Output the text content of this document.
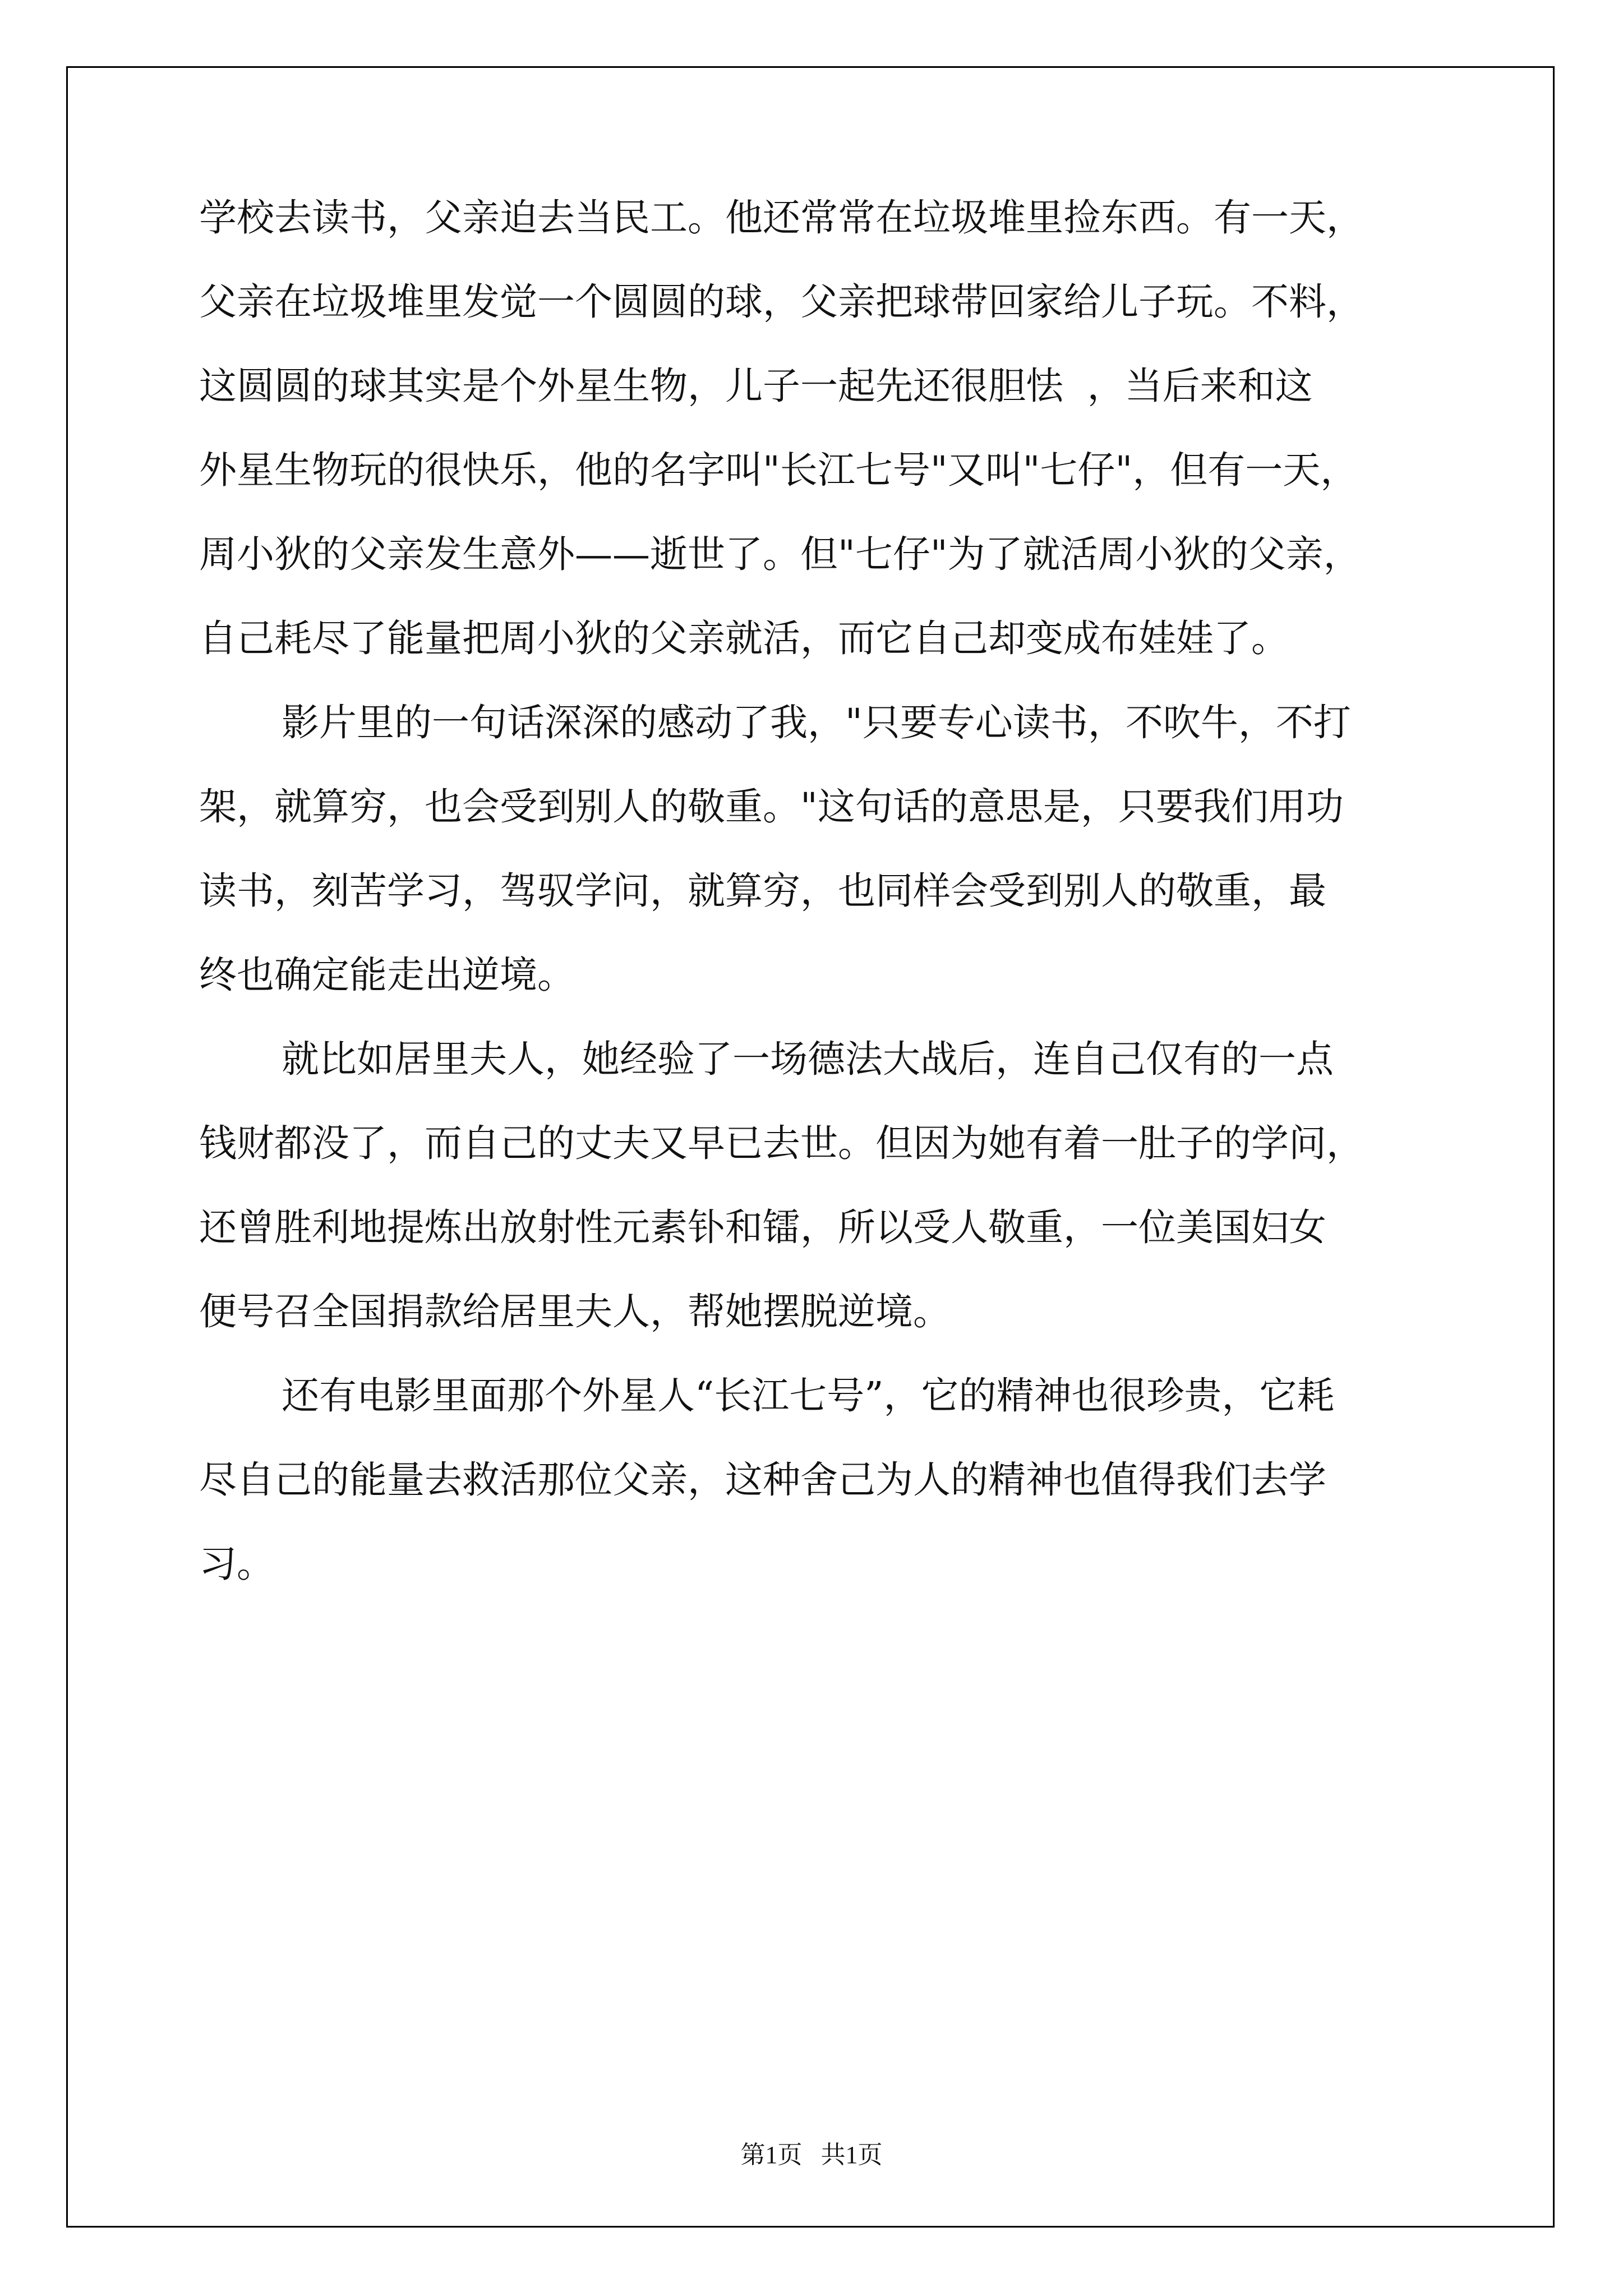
学校去读书，父亲迫去当民工。他还常常在垃圾堆里捡东西。有一天，
父亲在垃圾堆里发觉一个圆圆的球，父亲把球带回家给儿子玩。不料，
这圆圆的球其实是个外星生物，儿子一起先还很胆怯  ，当后来和这
外星生物玩的很快乐，他的名字叫"长江七号"又叫"七仔"，但有一天，
周小狄的父亲发生意外——逝世了。但"七仔"为了就活周小狄的父亲，
自己耗尽了能量把周小狄的父亲就活，而它自己却变成布娃娃了。
影片里的一句话深深的感动了我，"只要专心读书，不吹牛，不打
架，就算穷，也会受到别人的敬重。"这句话的意思是，只要我们用功
读书，刻苦学习，驾驭学问，就算穷，也同样会受到别人的敬重，最
终也确定能走出逆境。
就比如居里夫人，她经验了一场德法大战后，连自己仅有的一点
钱财都没了，而自己的丈夫又早已去世。但因为她有着一肚子的学问，
还曾胜利地提炼出放射性元素钋和镭，所以受人敬重，一位美国妇女
便号召全国捐款给居里夫人，帮她摆脱逆境。
还有电影里面那个外星人“长江七号”，它的精神也很珍贵，它耗
尽自己的能量去救活那位父亲，这种舍己为人的精神也值得我们去学
习。
第1页   共1页
